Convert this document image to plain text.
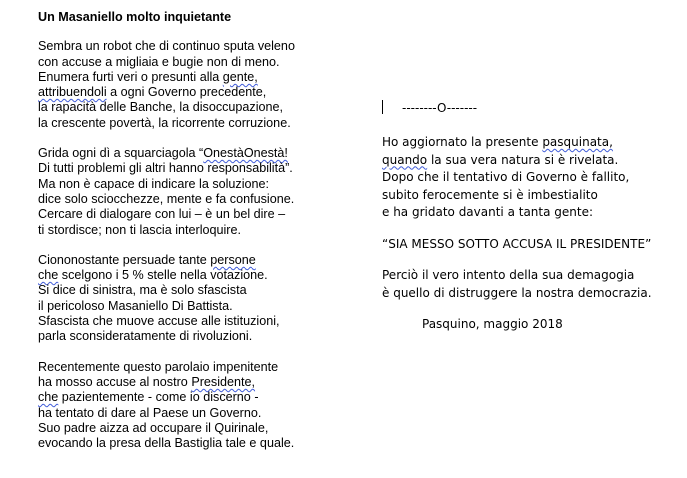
Un Masaniello molto inquietante
Sembra un robot che di continuo sputa veleno
con accuse a migliaia e bugie non di meno.
Enumera furti veri o presunti alla gente,
attribuendoli a ogni Governo precedente,
la rapacità delle Banche, la disoccupazione,
la crescente povertà, la ricorrente corruzione.
Grida ogni dì a squarciagola “OnestàOnestà!
Di tutti problemi gli altri hanno responsabilità”.
Ma non è capace di indicare la soluzione:
dice solo sciocchezze, mente e fa confusione.
Cercare di dialogare con lui – è un bel dire –
ti stordisce; non ti lascia interloquire.
Ciononostante persuade tante persone
che scelgono i 5 % stelle nella votazione.
Si dice di sinistra, ma è solo sfascista
il pericoloso Masaniello Di Battista.
Sfascista che muove accuse alle istituzioni,
parla sconsideratamente di rivoluzioni.
Recentemente questo parolaio impenitente
ha mosso accuse al nostro Presidente,
che pazientemente - come io discerno -
ha tentato di dare al Paese un Governo.
Suo padre aizza ad occupare il Quirinale,
evocando la presa della Bastiglia tale e quale.
--------O-------
Ho aggiornato la presente pasquinata,
quando la sua vera natura si è rivelata.
Dopo che il tentativo di Governo è fallito,
subito ferocemente si è imbestialito
e ha gridato davanti a tanta gente:
“SIA MESSO SOTTO ACCUSA IL PRESIDENTE”
Perciò il vero intento della sua demagogia
è quello di distruggere la nostra democrazia.
Pasquino, maggio 2018
